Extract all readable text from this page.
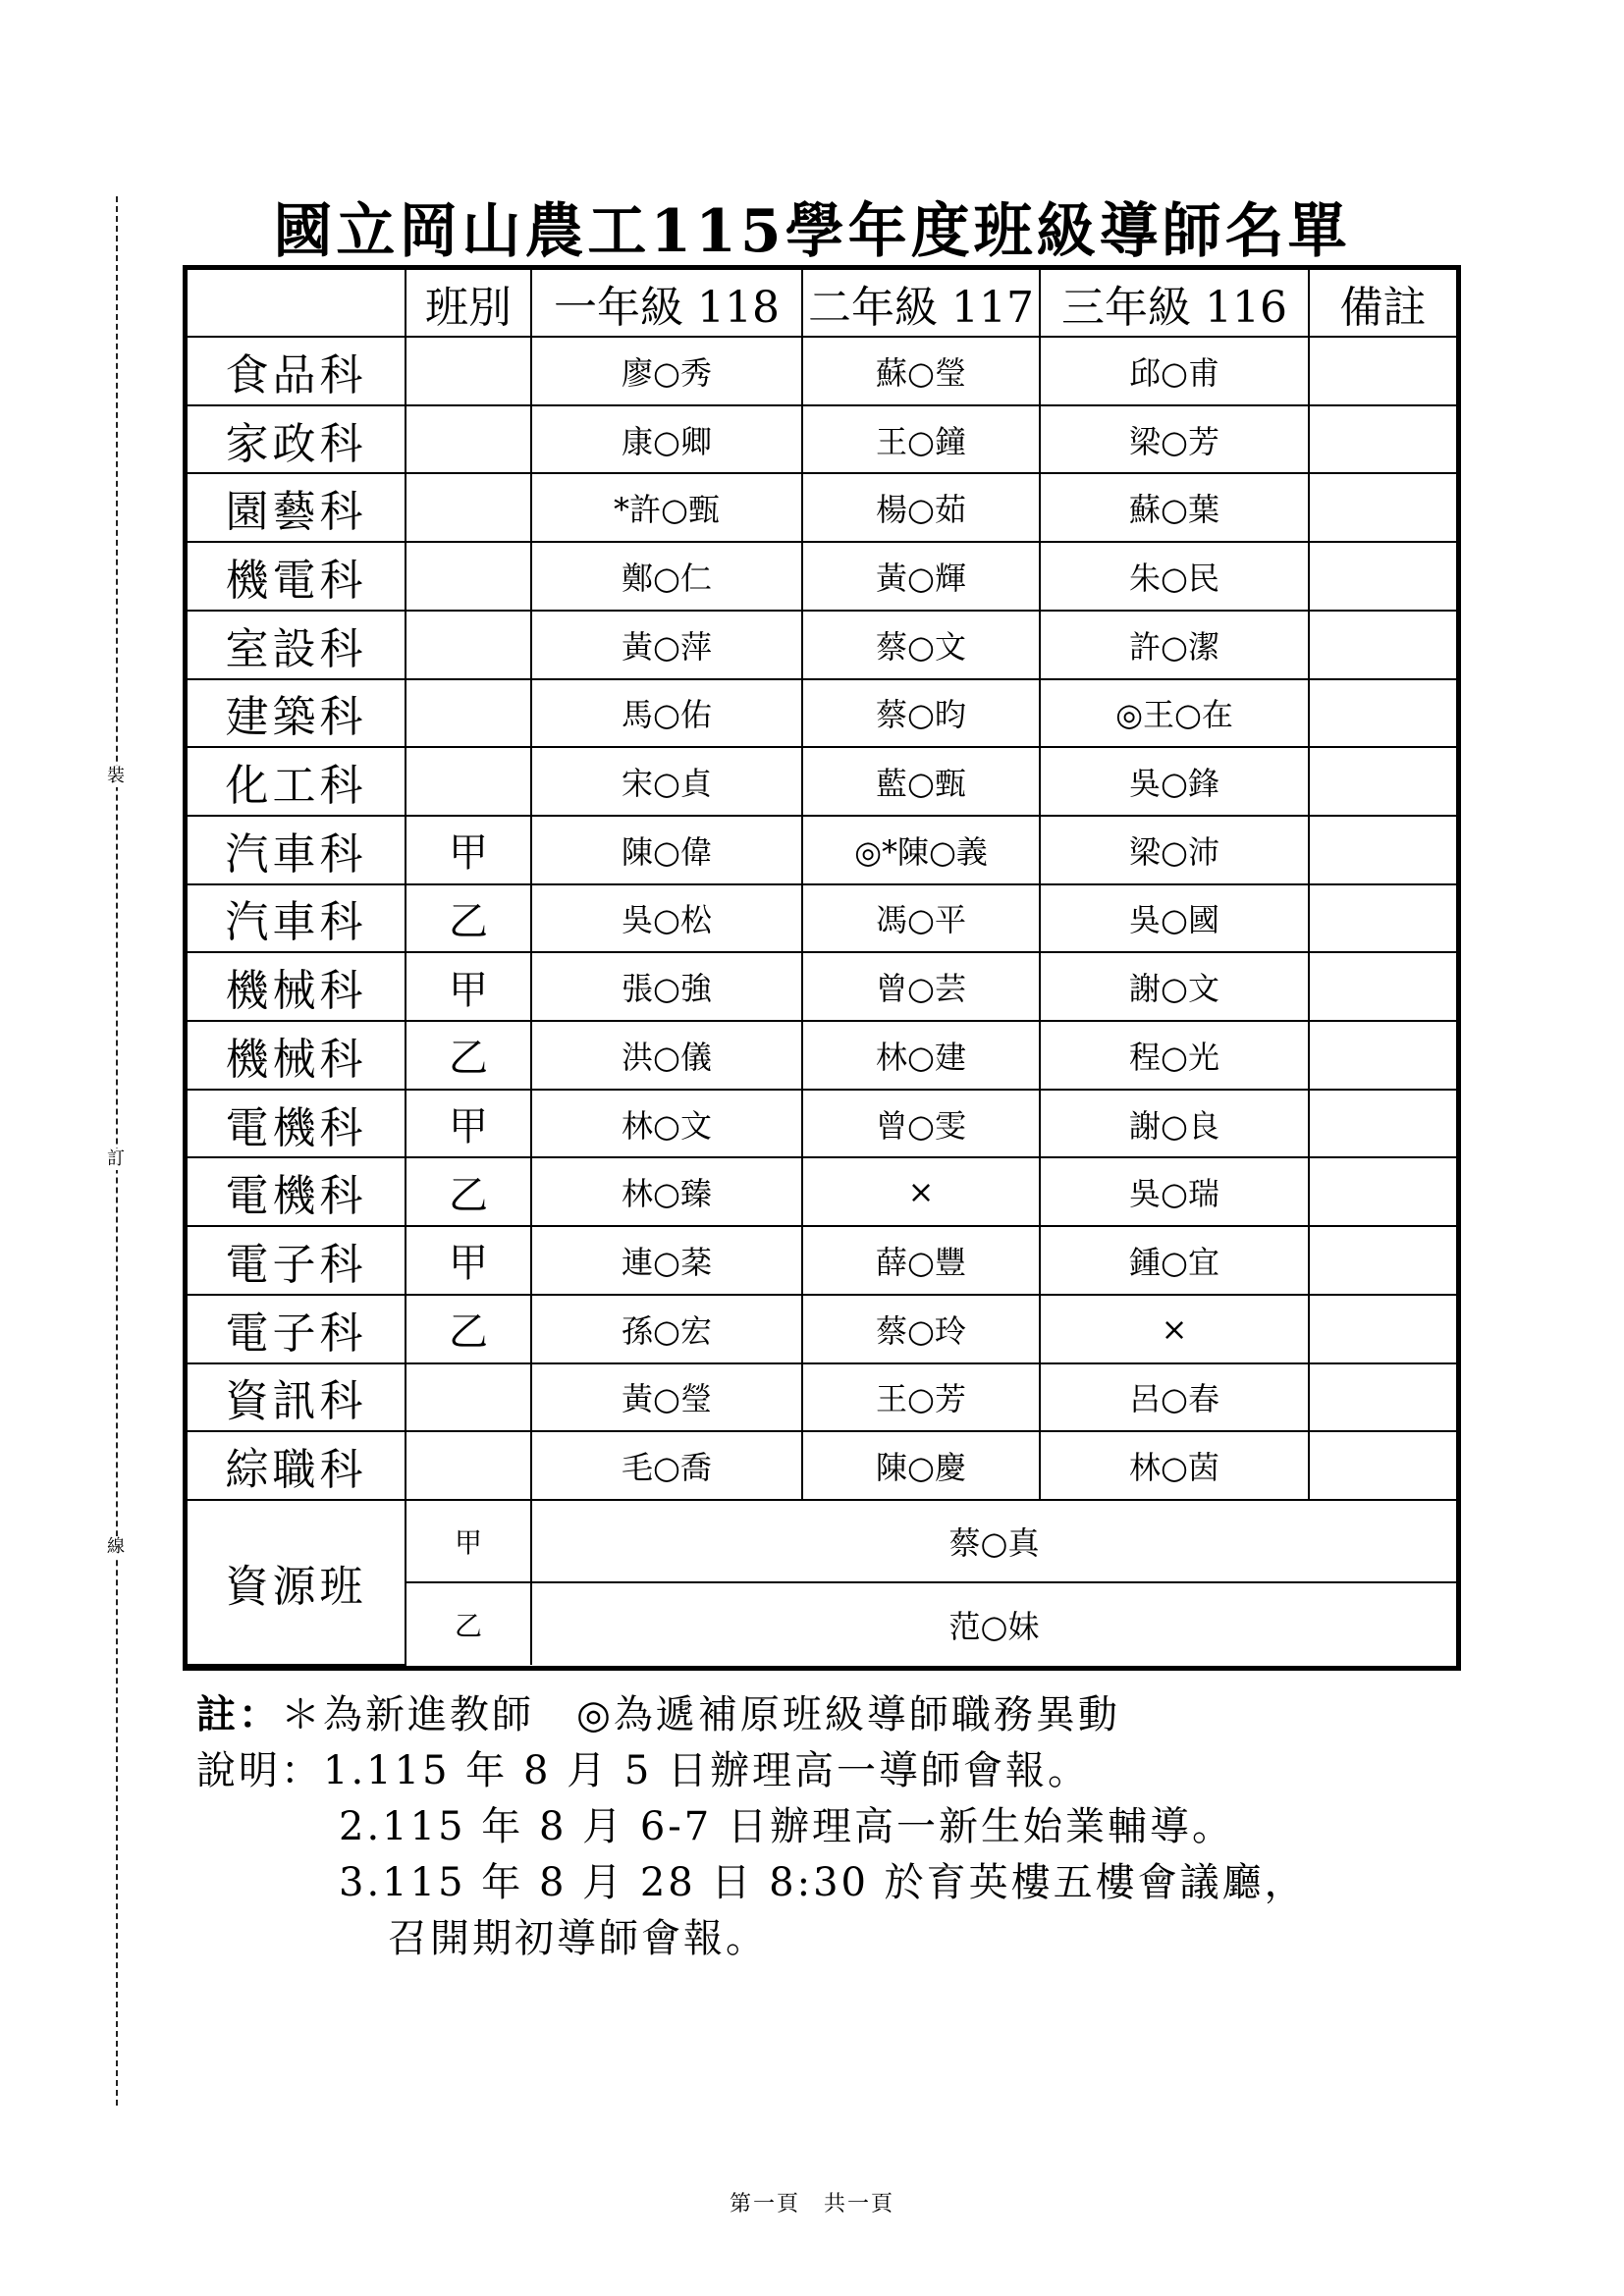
裝
訂
線
國立岡山農工115學年度班級導師名單
	班別	一年級 118	二年級 117	三年級 116	備註
食品科		廖○秀	蘇○瑩	邱○甫	
家政科		康○卿	王○鐘	梁○芳	
園藝科		*許○甄	楊○茹	蘇○葉	
機電科		鄭○仁	黃○輝	朱○民	
室設科		黃○萍	蔡○文	許○潔	
建築科		馬○佑	蔡○昀	◎王○在	
化工科		宋○貞	藍○甄	吳○鋒	
汽車科	甲	陳○偉	◎*陳○義	梁○沛	
汽車科	乙	吳○松	馮○平	吳○國	
機械科	甲	張○強	曾○芸	謝○文	
機械科	乙	洪○儀	林○建	程○光	
電機科	甲	林○文	曾○雯	謝○良	
電機科	乙	林○臻	×	吳○瑞	
電子科	甲	連○棻	薛○豐	鍾○宜	
電子科	乙	孫○宏	蔡○玲	×	
資訊科		黃○瑩	王○芳	呂○春	
綜職科		毛○喬	陳○慶	林○茵	
資源班	甲	蔡○真			
	乙	范○妹			
註：＊為新進教師　◎為遞補原班級導師職務異動
說明：1.115 年 8 月 5 日辦理高一導師會報。
2.115 年 8 月 6-7 日辦理高一新生始業輔導。
3.115 年 8 月 28 日 8:30 於育英樓五樓會議廳，
召開期初導師會報。
第一頁　共一頁
